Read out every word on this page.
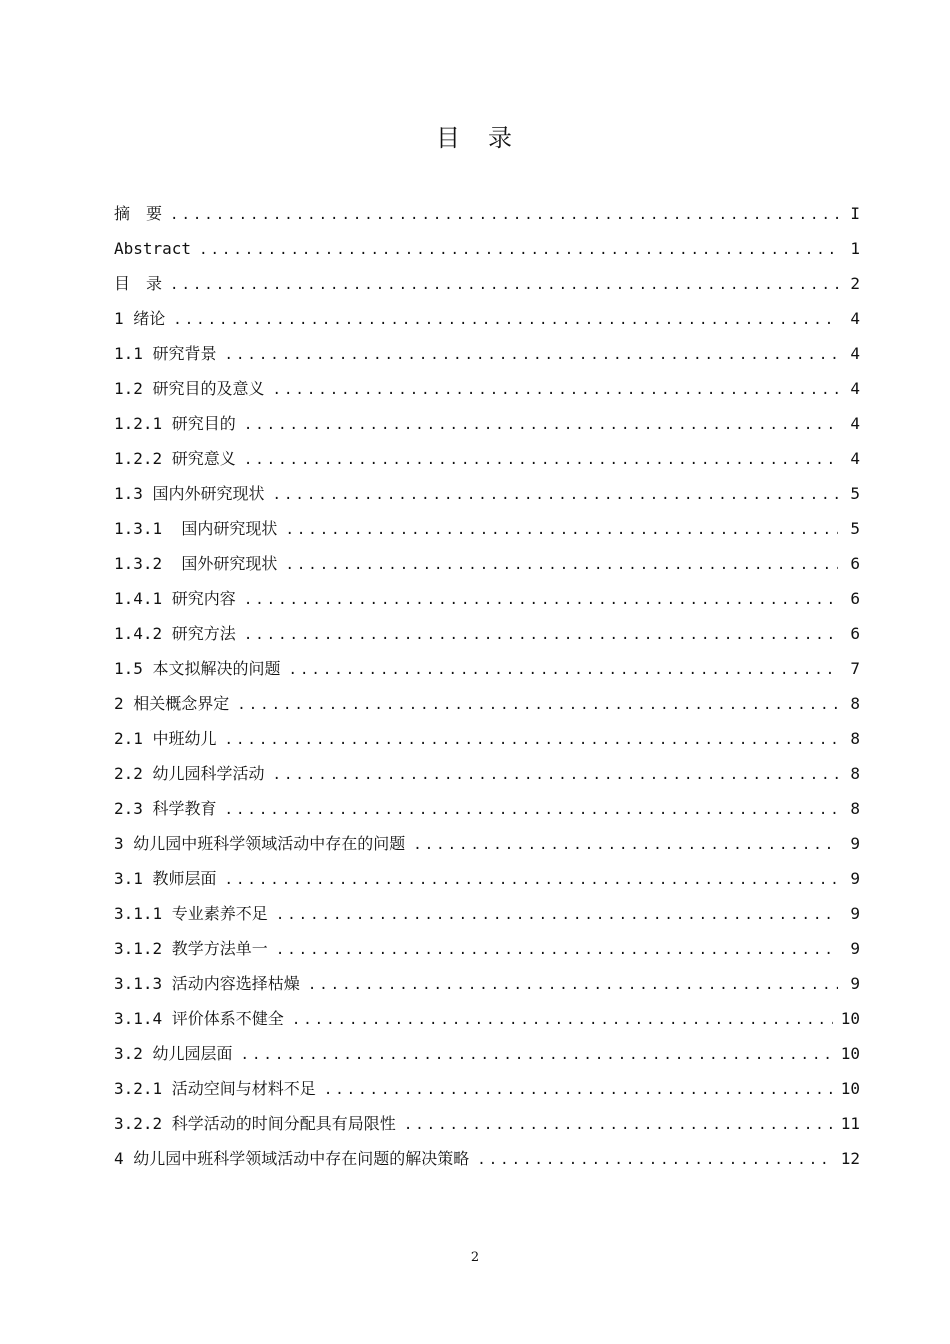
目　录
摘　要 .....	I
Abstract .....	1
目　录 .....	2
1 绪论 .....	4
1.1 研究背景 .....	4
1.2 研究目的及意义 .....	4
1.2.1 研究目的 .....	4
1.2.2 研究意义 .....	4
1.3 国内外研究现状 .....	5
1.3.1  国内研究现状 .....	5
1.3.2  国外研究现状 .....	6
1.4.1 研究内容 .....	6
1.4.2 研究方法 .....	6
1.5 本文拟解决的问题 .....	7
2 相关概念界定 .....	8
2.1 中班幼儿 .....	8
2.2 幼儿园科学活动 .....	8
2.3 科学教育 .....	8
3 幼儿园中班科学领域活动中存在的问题 .....	9
3.1 教师层面 .....	9
3.1.1 专业素养不足 .....	9
3.1.2 教学方法单一 .....	9
3.1.3 活动内容选择枯燥 .....	9
3.1.4 评价体系不健全 .....	10
3.2 幼儿园层面 .....	10
3.2.1 活动空间与材料不足 .....	10
3.2.2 科学活动的时间分配具有局限性 .....	11
4 幼儿园中班科学领域活动中存在问题的解决策略 .....	12
2
